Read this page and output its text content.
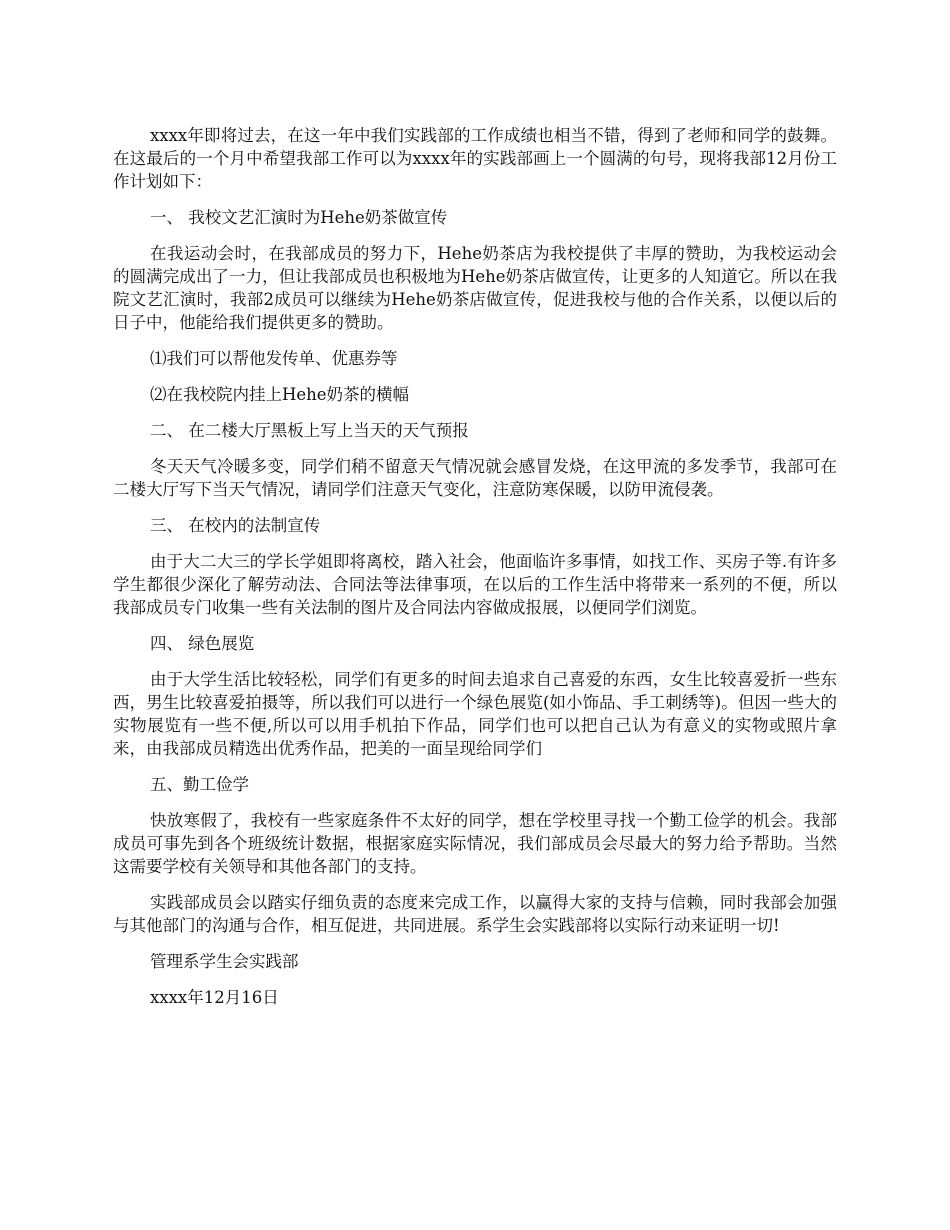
xxxx年即将过去，在这一年中我们实践部的工作成绩也相当不错，得到了老师和同学的鼓舞。在这最后的一个月中希望我部工作可以为xxxx年的实践部画上一个圆满的句号，现将我部12月份工作计划如下：

一、 我校文艺汇演时为Hehe奶茶做宣传

在我运动会时，在我部成员的努力下，Hehe奶茶店为我校提供了丰厚的赞助，为我校运动会的圆满完成出了一力，但让我部成员也积极地为Hehe奶茶店做宣传，让更多的人知道它。所以在我院文艺汇演时，我部2成员可以继续为Hehe奶茶店做宣传，促进我校与他的合作关系，以便以后的日子中，他能给我们提供更多的赞助。

⑴我们可以帮他发传单、优惠券等

⑵在我校院内挂上Hehe奶茶的横幅

二、 在二楼大厅黑板上写上当天的天气预报

冬天天气冷暖多变，同学们稍不留意天气情况就会感冒发烧，在这甲流的多发季节，我部可在二楼大厅写下当天气情况，请同学们注意天气变化，注意防寒保暖，以防甲流侵袭。

三、 在校内的法制宣传

由于大二大三的学长学姐即将离校，踏入社会，他面临许多事情，如找工作、买房子等.有许多学生都很少深化了解劳动法、合同法等法律事项，在以后的工作生活中将带来一系列的不便，所以我部成员专门收集一些有关法制的图片及合同法内容做成报展，以便同学们浏览。

四、 绿色展览

由于大学生活比较轻松，同学们有更多的时间去追求自己喜爱的东西，女生比较喜爱折一些东西，男生比较喜爱拍摄等，所以我们可以进行一个绿色展览(如小饰品、手工刺绣等)。但因一些大的实物展览有一些不便,所以可以用手机拍下作品，同学们也可以把自己认为有意义的实物或照片拿来，由我部成员精选出优秀作品，把美的一面呈现给同学们

五、勤工俭学

快放寒假了，我校有一些家庭条件不太好的同学，想在学校里寻找一个勤工俭学的机会。我部成员可事先到各个班级统计数据，根据家庭实际情况，我们部成员会尽最大的努力给予帮助。当然这需要学校有关领导和其他各部门的支持。

实践部成员会以踏实仔细负责的态度来完成工作，以赢得大家的支持与信赖，同时我部会加强与其他部门的沟通与合作，相互促进，共同进展。系学生会实践部将以实际行动来证明一切!

管理系学生会实践部

xxxx年12月16日
